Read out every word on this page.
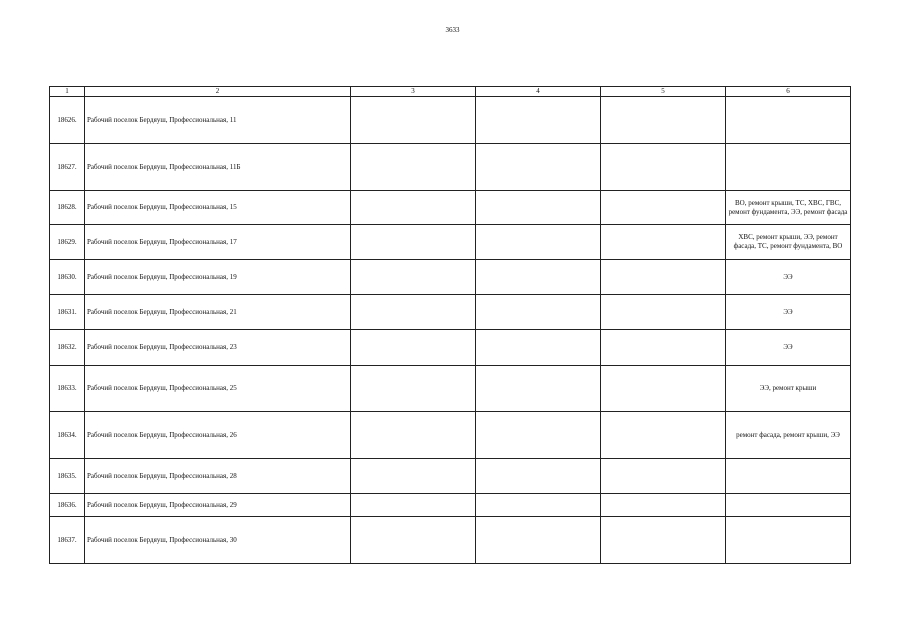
3633
1	2	3	4	5	6
18626.	Рабочий поселок Бердяуш, Профессиональная, 11				
18627.	Рабочий поселок Бердяуш, Профессиональная, 11Б				
18628.	Рабочий поселок Бердяуш, Профессиональная, 15				ВО, ремонт крыши, ТС, ХВС, ГВС, ремонт фундамента, ЭЭ, ремонт фасада
18629.	Рабочий поселок Бердяуш, Профессиональная, 17				ХВС, ремонт крыши, ЭЭ, ремонт фасада, ТС, ремонт фундамента, ВО
18630.	Рабочий поселок Бердяуш, Профессиональная, 19				ЭЭ
18631.	Рабочий поселок Бердяуш, Профессиональная, 21				ЭЭ
18632.	Рабочий поселок Бердяуш, Профессиональная, 23				ЭЭ
18633.	Рабочий поселок Бердяуш, Профессиональная, 25				ЭЭ, ремонт крыши
18634.	Рабочий поселок Бердяуш, Профессиональная, 26				ремонт фасада, ремонт крыши, ЭЭ
18635.	Рабочий поселок Бердяуш, Профессиональная, 28				
18636.	Рабочий поселок Бердяуш, Профессиональная, 29				
18637.	Рабочий поселок Бердяуш, Профессиональная, 30				
